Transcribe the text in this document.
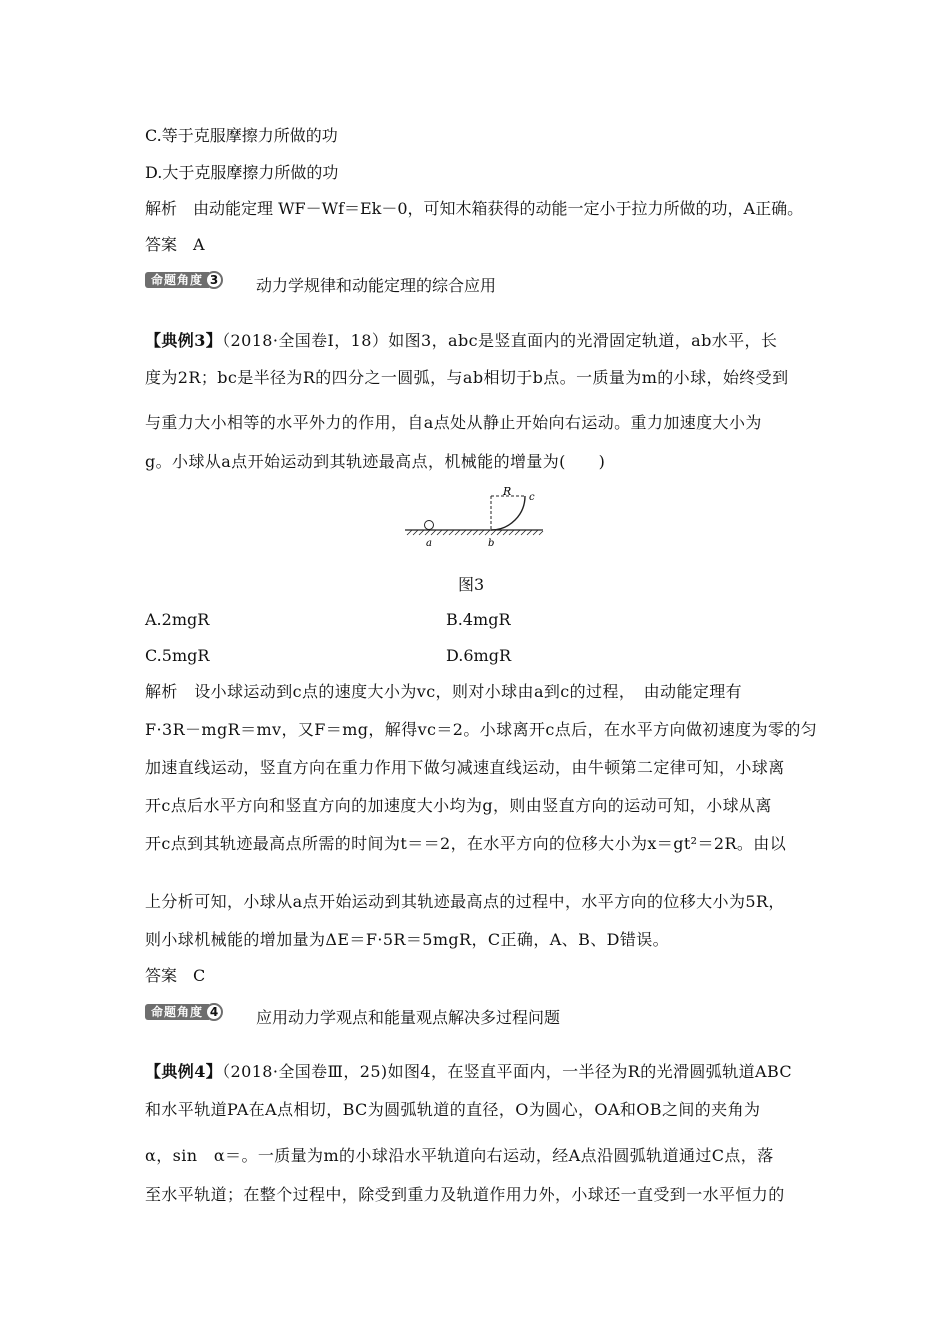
C.等于克服摩擦力所做的功
D.大于克服摩擦力所做的功
解析　由动能定理 WF－Wf＝Ek－0，可知木箱获得的动能一定小于拉力所做的功，A正确。
答案　A
命题角度 3	动力学规律和动能定理的综合应用
【典例3】（2018·全国卷Ⅰ，18）如图3，abc是竖直面内的光滑固定轨道，ab水平，长
度为2R；bc是半径为R的四分之一圆弧，与ab相切于b点。一质量为m的小球，始终受到
与重力大小相等的水平外力的作用，自a点处从静止开始向右运动。重力加速度大小为
g。小球从a点开始运动到其轨迹最高点，机械能的增量为(　　)
R c
a	b
图3
A.2mgR	B.4mgR
C.5mgR	D.6mgR
解析　设小球运动到c点的速度大小为vc，则对小球由a到c的过程，　由动能定理有
F·3R－mgR＝mv，又F＝mg，解得vc＝2。小球离开c点后，在水平方向做初速度为零的匀
加速直线运动，竖直方向在重力作用下做匀减速直线运动，由牛顿第二定律可知，小球离
开c点后水平方向和竖直方向的加速度大小均为g，则由竖直方向的运动可知，小球从离
开c点到其轨迹最高点所需的时间为t＝＝2，在水平方向的位移大小为x＝gt²＝2R。由以
上分析可知，小球从a点开始运动到其轨迹最高点的过程中，水平方向的位移大小为5R，
则小球机械能的增加量为ΔE＝F·5R＝5mgR，C正确，A、B、D错误。
答案　C
命题角度 4	应用动力学观点和能量观点解决多过程问题
【典例4】（2018·全国卷Ⅲ，25)如图4，在竖直平面内，一半径为R的光滑圆弧轨道ABC
和水平轨道PA在A点相切，BC为圆弧轨道的直径，O为圆心，OA和OB之间的夹角为
α，sin　α＝。一质量为m的小球沿水平轨道向右运动，经A点沿圆弧轨道通过C点，落
至水平轨道；在整个过程中，除受到重力及轨道作用力外，小球还一直受到一水平恒力的
